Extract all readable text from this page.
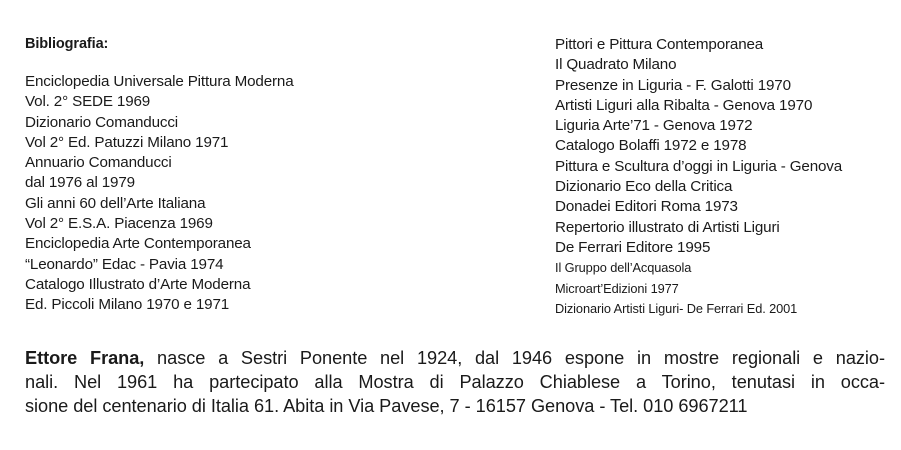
Bibliografia:
Enciclopedia Universale Pittura Moderna
Vol. 2° SEDE 1969
Dizionario Comanducci
Vol 2° Ed. Patuzzi Milano 1971
Annuario Comanducci
dal 1976 al 1979
Gli anni 60 dell’Arte Italiana
Vol 2° E.S.A. Piacenza 1969
Enciclopedia Arte Contemporanea
“Leonardo” Edac - Pavia 1974
Catalogo Illustrato d’Arte Moderna
Ed. Piccoli Milano 1970 e 1971
Pittori e Pittura Contemporanea
Il Quadrato Milano
Presenze in Liguria - F. Galotti 1970
Artisti Liguri alla Ribalta - Genova 1970
Liguria Arte’71 - Genova 1972
Catalogo Bolaffi 1972 e 1978
Pittura e Scultura d’oggi in Liguria - Genova
Dizionario Eco della Critica
Donadei Editori Roma 1973
Repertorio illustrato di Artisti Liguri
De Ferrari Editore 1995
Il Gruppo dell’Acquasola
Microart’Edizioni 1977
Dizionario Artisti Liguri- De Ferrari Ed. 2001
Ettore Frana, nasce a Sestri Ponente nel 1924, dal 1946 espone in mostre regionali e nazio-
nali. Nel 1961 ha partecipato alla Mostra di Palazzo Chiablese a Torino, tenutasi in occa-
sione del centenario di Italia 61. Abita in Via Pavese, 7 - 16157 Genova - Tel. 010 6967211
